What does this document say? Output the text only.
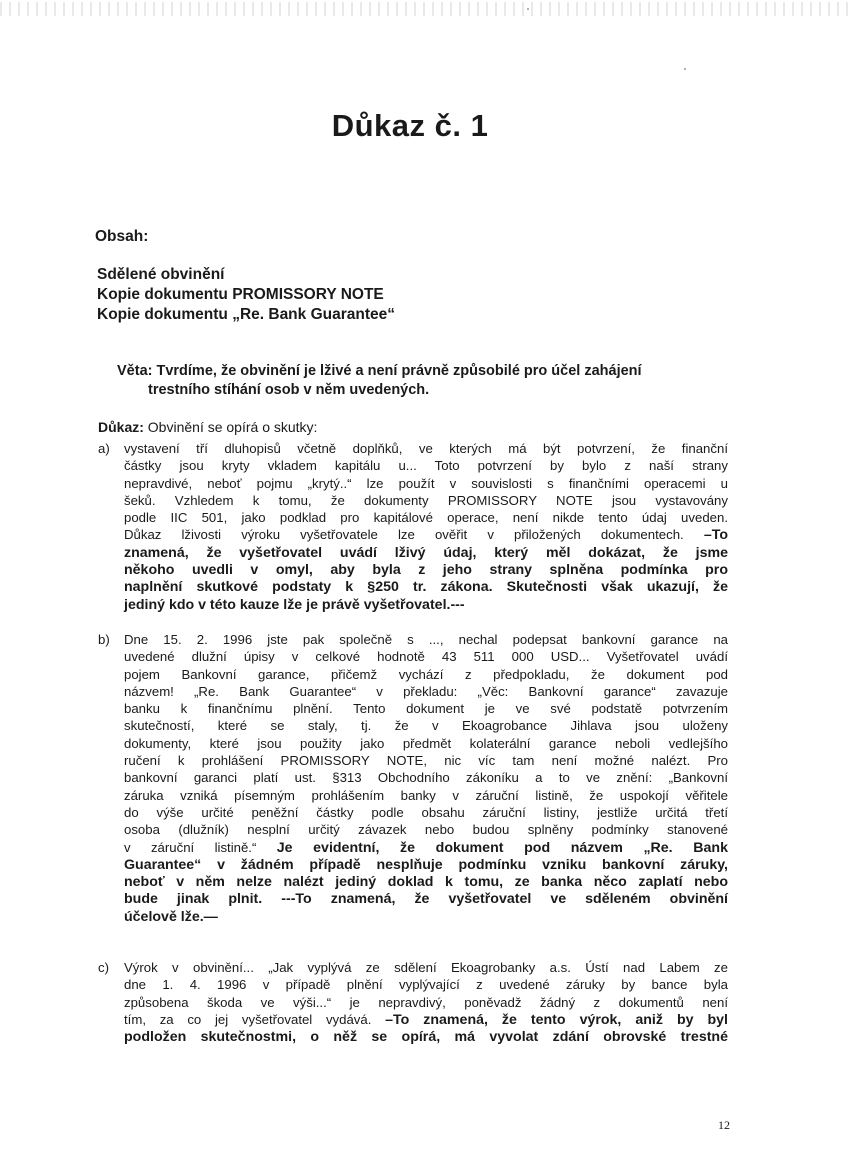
Důkaz č. 1
Obsah:
Sdělené obvinění
Kopie dokumentu PROMISSORY NOTE
Kopie dokumentu „Re. Bank Guarantee“
Věta: Tvrdíme, že obvinění je lživé a není právně způsobilé pro účel zahájení
trestního stíhání osob v něm uvedených.
Důkaz: Obvinění se opírá o skutky:
a)	vystavení tří dluhopisů včetně doplňků, ve kterých má být potvrzení, že finanční
částky jsou kryty vkladem kapitálu u... Toto potvrzení by bylo z naší strany
nepravdivé, neboť pojmu „krytý..“ lze použít v souvislosti s finančními operacemi u
šeků. Vzhledem k tomu, že dokumenty PROMISSORY NOTE jsou vystavovány
podle IIC 501, jako podklad pro kapitálové operace, není nikde tento údaj uveden.
Důkaz lživosti výroku vyšetřovatele lze ověřit v přiložených dokumentech. –To
znamená, že vyšetřovatel uvádí lživý údaj, který měl dokázat, že jsme
někoho uvedli v omyl, aby byla z jeho strany splněna podmínka pro
naplnění skutkové podstaty k §250 tr. zákona. Skutečnosti však ukazují, že
jediný kdo v této kauze lže je právě vyšetřovatel.---
b)	Dne 15. 2. 1996 jste pak společně s ..., nechal podepsat bankovní garance na
uvedené dlužní úpisy v celkové hodnotě 43 511 000 USD... Vyšetřovatel uvádí
pojem Bankovní garance, přičemž vychází z předpokladu, že dokument pod
názvem! „Re. Bank Guarantee“ v překladu: „Věc: Bankovní garance“ zavazuje
banku k finančnímu plnění. Tento dokument je ve své podstatě potvrzením
skutečností, které se staly, tj. že v Ekoagrobance Jihlava jsou uloženy
dokumenty, které jsou použity jako předmět kolaterální garance neboli vedlejšího
ručení k prohlášení PROMISSORY NOTE, nic víc tam není možné nalézt. Pro
bankovní garanci platí ust. §313 Obchodního zákoníku a to ve znění: „Bankovní
záruka vzniká písemným prohlášením banky v záruční listině, že uspokojí věřitele
do výše určité peněžní částky podle obsahu záruční listiny, jestliže určitá třetí
osoba (dlužník) nesplní určitý závazek nebo budou splněny podmínky stanovené
v záruční listině.“ Je evidentní, že dokument pod názvem „Re. Bank
Guarantee“ v žádném případě nesplňuje podmínku vzniku bankovní záruky,
neboť v něm nelze nalézt jediný doklad k tomu, ze banka něco zaplatí nebo
bude jinak plnit. ---To znamená, že vyšetřovatel ve sděleném obvinění
účelově lže.—
c)	Výrok v obvinění... „Jak vyplývá ze sdělení Ekoagrobanky a.s. Ústí nad Labem ze
dne 1. 4. 1996 v případě plnění vyplývající z uvedené záruky by bance byla
způsobena škoda ve výši...“ je nepravdivý, poněvadž žádný z dokumentů není
tím, za co jej vyšetřovatel vydává. –To znamená, že tento výrok, aniž by byl
podložen skutečnostmi, o něž se opírá, má vyvolat zdání obrovské trestné
12
